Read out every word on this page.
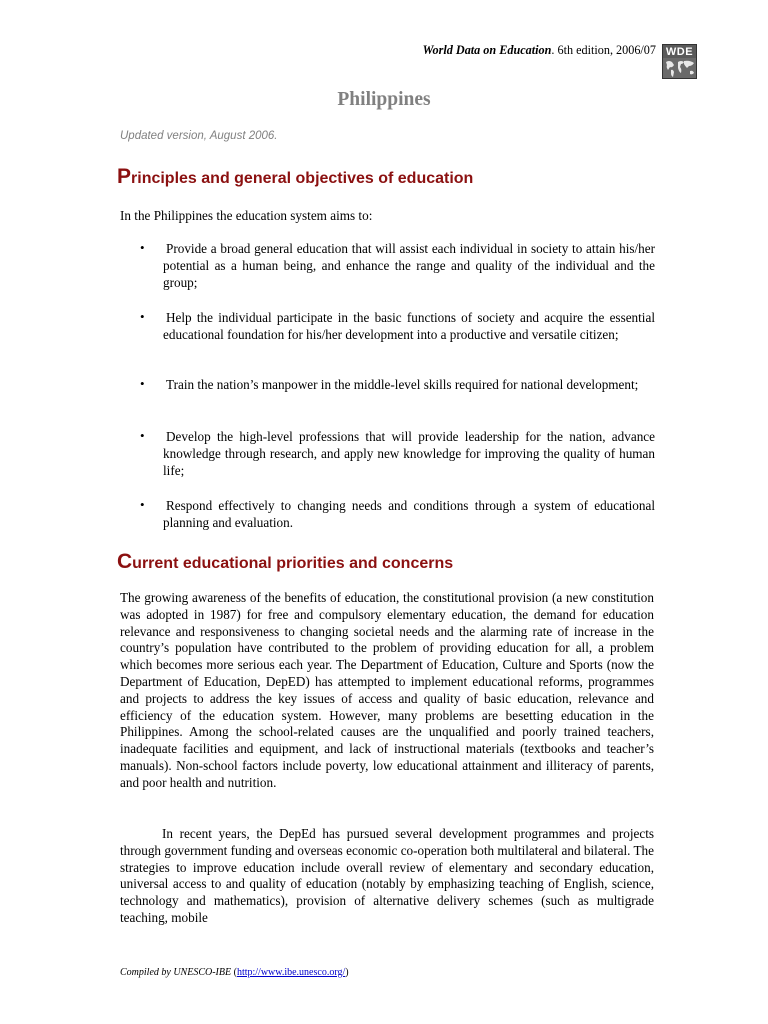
World Data on Education. 6th edition, 2006/07 WDE
Philippines
Updated version, August 2006.
Principles and general objectives of education
In the Philippines the education system aims to:
• Provide a broad general education that will assist each individual in society to attain his/her potential as a human being, and enhance the range and quality of the individual and the group;
• Help the individual participate in the basic functions of society and acquire the essential educational foundation for his/her development into a productive and versatile citizen;
• Train the nation’s manpower in the middle-level skills required for national development;
• Develop the high-level professions that will provide leadership for the nation, advance knowledge through research, and apply new knowledge for improving the quality of human life;
• Respond effectively to changing needs and conditions through a system of educational planning and evaluation.
Current educational priorities and concerns
The growing awareness of the benefits of education, the constitutional provision (a new constitution was adopted in 1987) for free and compulsory elementary education, the demand for education relevance and responsiveness to changing societal needs and the alarming rate of increase in the country’s population have contributed to the problem of providing education for all, a problem which becomes more serious each year. The Department of Education, Culture and Sports (now the Department of Education, DepED) has attempted to implement educational reforms, programmes and projects to address the key issues of access and quality of basic education, relevance and efficiency of the education system. However, many problems are besetting education in the Philippines. Among the school-related causes are the unqualified and poorly trained teachers, inadequate facilities and equipment, and lack of instructional materials (textbooks and teacher’s manuals). Non-school factors include poverty, low educational attainment and illiteracy of parents, and poor health and nutrition.
In recent years, the DepEd has pursued several development programmes and projects through government funding and overseas economic co-operation both multilateral and bilateral. The strategies to improve education include overall review of elementary and secondary education, universal access to and quality of education (notably by emphasizing teaching of English, science, technology and mathematics), provision of alternative delivery schemes (such as multigrade teaching, mobile
Compiled by UNESCO-IBE (http://www.ibe.unesco.org/)
